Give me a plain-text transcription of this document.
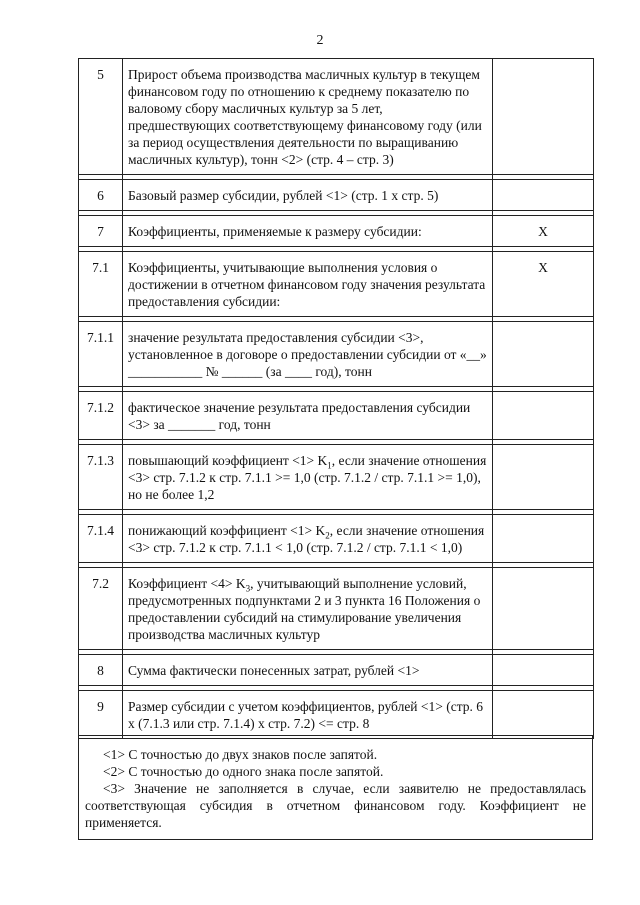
2
5	Прирост объема производства масличных культур в текущем финансовом году по отношению к среднему показателю по валовому сбору масличных культур за 5 лет, предшествующих соответствующему финансовому году (или за период осуществления деятельности по выращиванию масличных культур), тонн <2> (стр. 4 – стр. 3)	

6	Базовый размер субсидии, рублей <1> (стр. 1 x стр. 5)	

7	Коэффициенты, применяемые к размеру субсидии:	X

7.1	Коэффициенты, учитывающие выполнения условия о достижении в отчетном финансовом году значения результата предоставления субсидии:	X

7.1.1	значение результата предоставления субсидии <3>, установленное в договоре о предоставлении субсидии от «__» ___________ № ______ (за ____ год), тонн	

7.1.2	фактическое значение результата предоставления субсидии <3> за _______ год, тонн	

7.1.3	повышающий коэффициент $<1> K_1$, если значение отношения <3> стр. 7.1.2 к стр. 7.1.1 >= 1,0 (стр. 7.1.2 / стр. 7.1.1 >= 1,0), но не более 1,2	

7.1.4	понижающий коэффициент $<1> K_2$, если значение отношения <3> стр. 7.1.2 к стр. 7.1.1 < 1,0 (стр. 7.1.2 / стр. 7.1.1 < 1,0)	

7.2	Коэффициент $<4> K_3$, учитывающий выполнение условий, предусмотренных подпунктами 2 и 3 пункта 16 Положения о предоставлении субсидий на стимулирование увеличения производства масличных культур	

8	Сумма фактически понесенных затрат, рублей <1>	

9	Размер субсидии с учетом коэффициентов, рублей <1> (стр. 6 x (7.1.3 или стр. 7.1.4) x стр. 7.2) <= стр. 8	

<1> С точностью до двух знаков после запятой.

<2> С точностью до одного знака после запятой.

<3> Значение не заполняется в случае, если заявителю не предоставлялась соответствующая субсидия в отчетном финансовом году. Коэффициент не применяется.
